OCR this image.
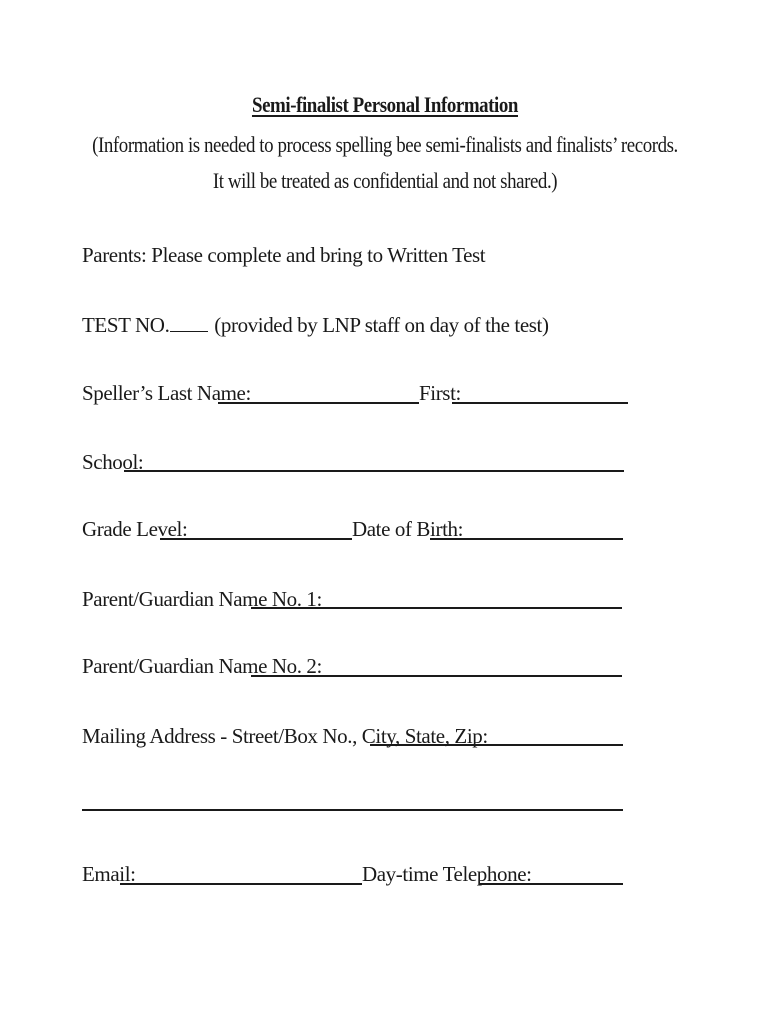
Semi-finalist Personal Information
(Information is needed to process spelling bee semi-finalists and finalists’ records.
It will be treated as confidential and not shared.)
Parents: Please complete and bring to Written Test
TEST NO. (provided by LNP staff on day of the test)
Speller’s Last Name:	First:
School:
Grade Level:	Date of Birth:
Parent/Guardian Name No. 1:
Parent/Guardian Name No. 2:
Mailing Address - Street/Box No., City, State, Zip:
Email:	Day-time Telephone:
